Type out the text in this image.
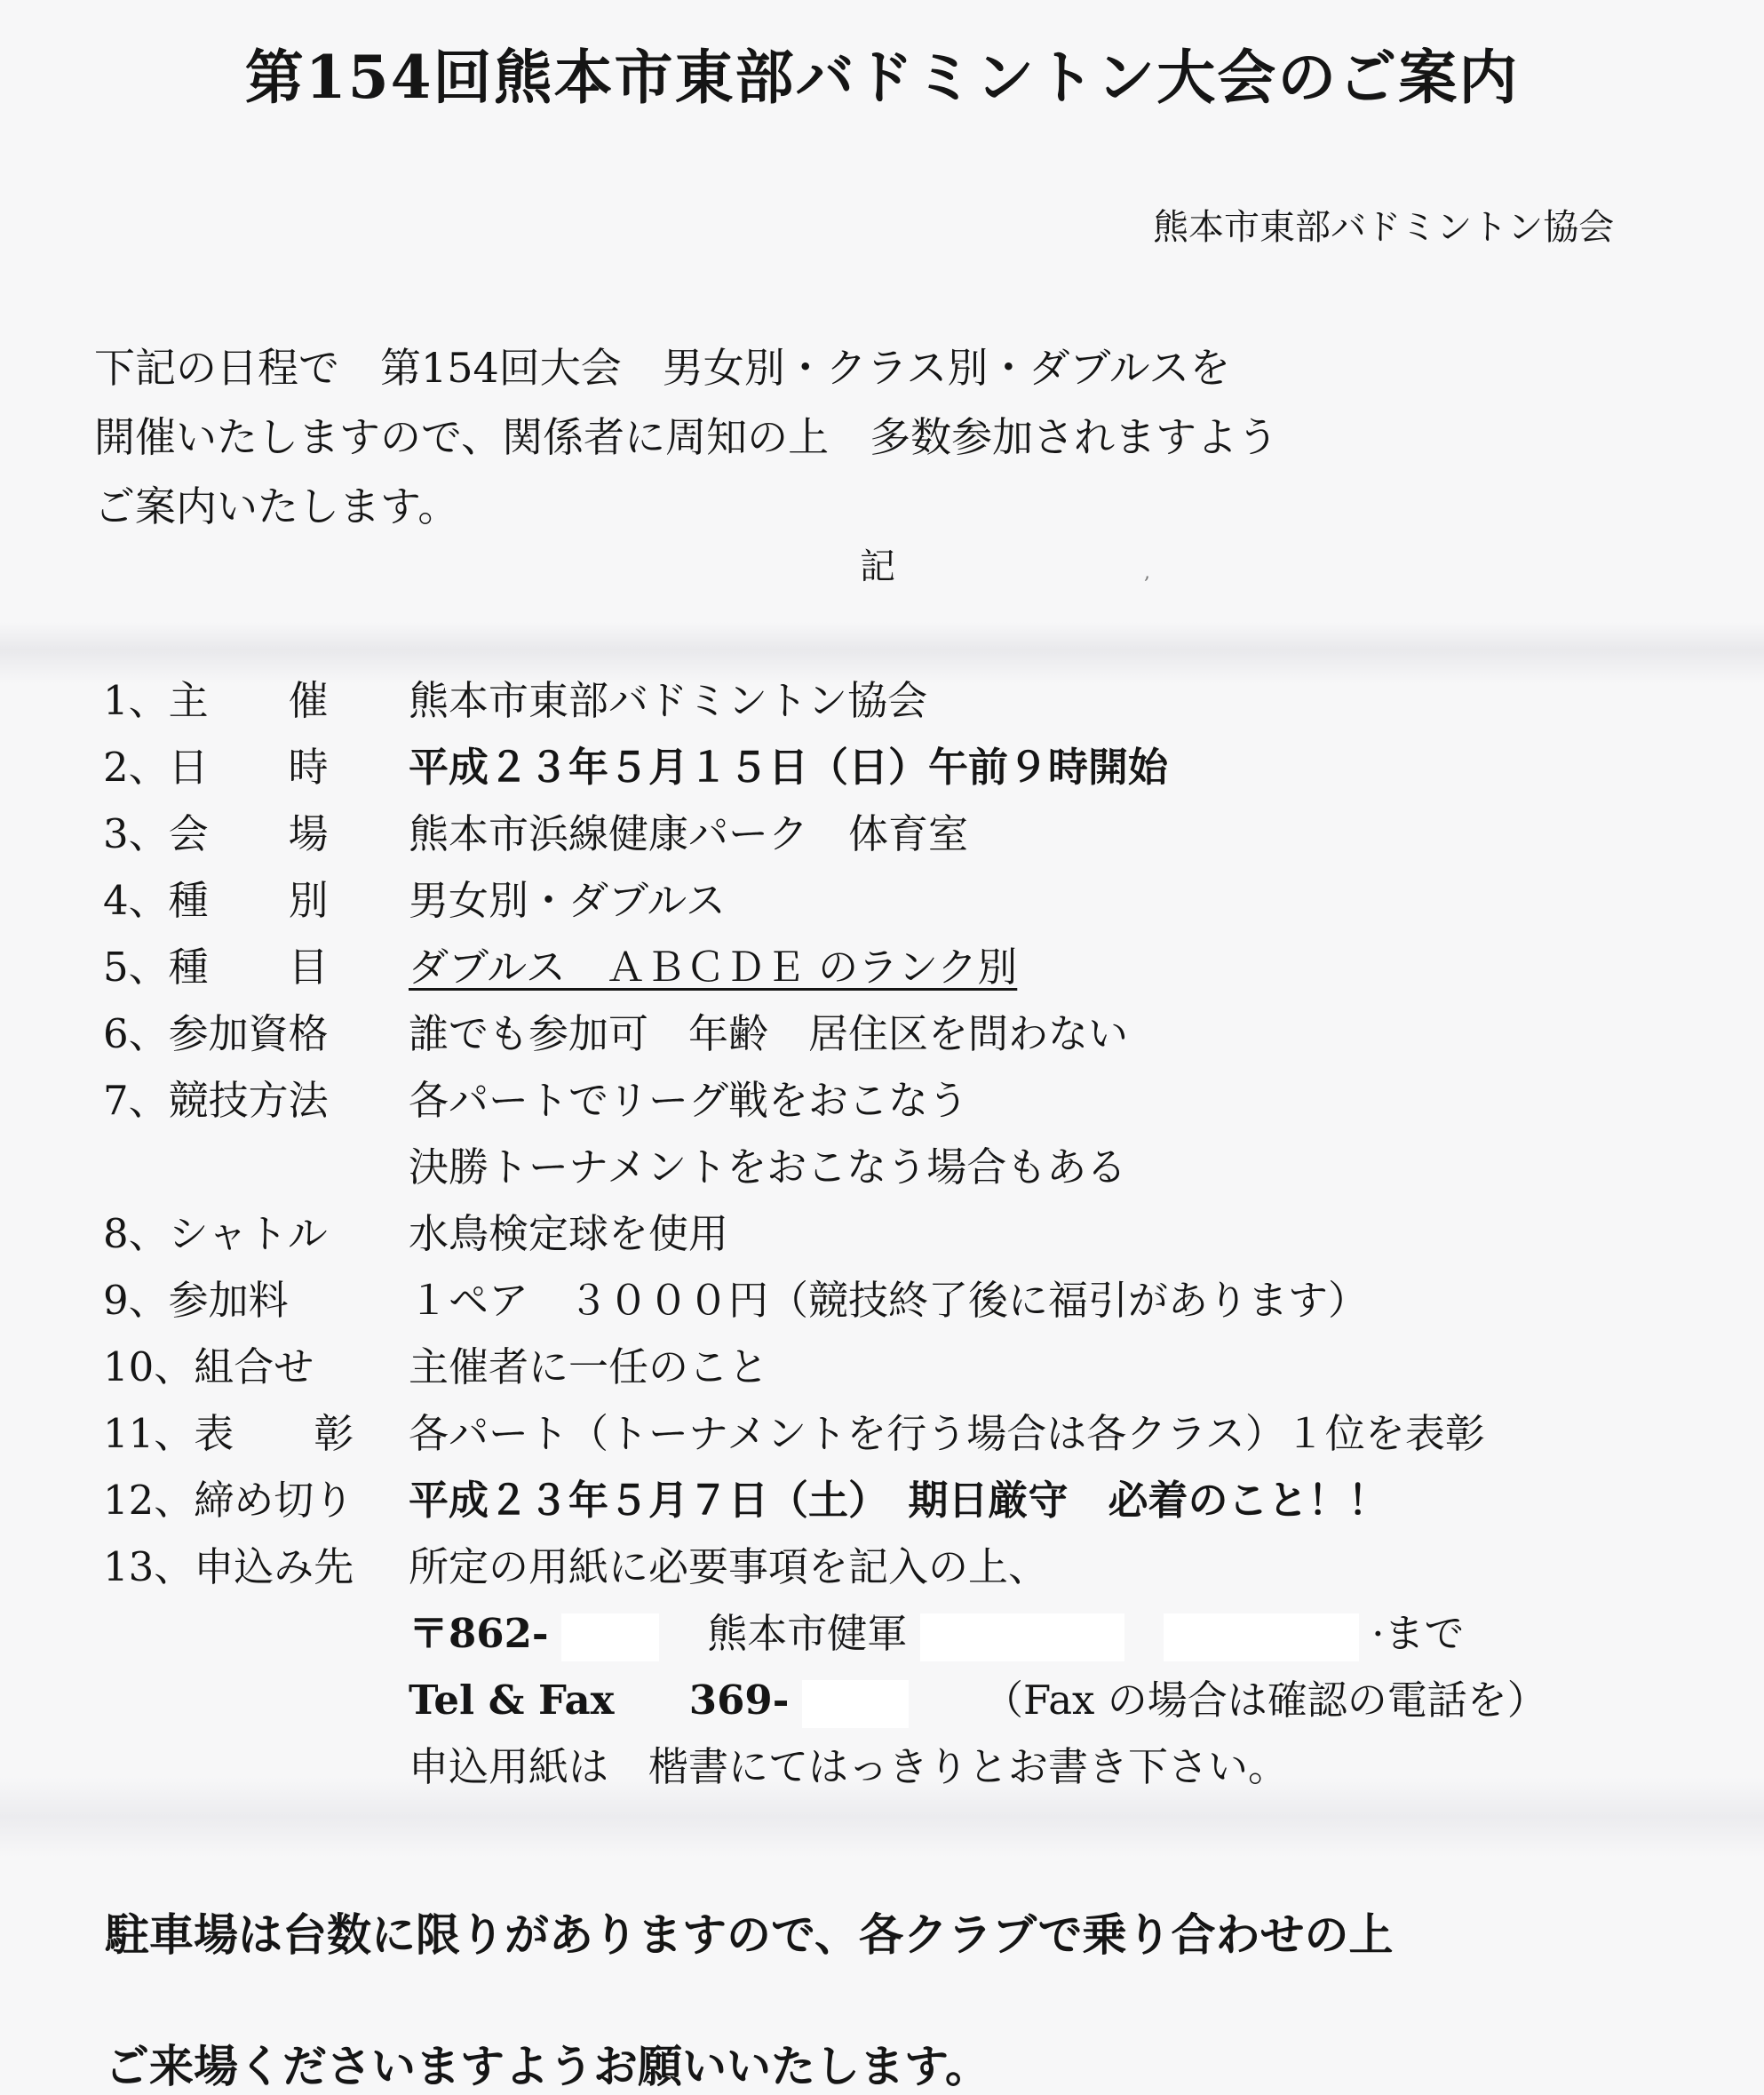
第154回熊本市東部バドミントン大会のご案内
熊本市東部バドミントン協会
下記の日程で　第154回大会　男女別・クラス別・ダブルスを
開催いたしますので、関係者に周知の上　多数参加されますよう
ご案内いたします。
記	,
1、主　　催	熊本市東部バドミントン協会
2、日　　時	平成２３年５月１５日（日）午前９時開始
3、会　　場	熊本市浜線健康パーク　体育室
4、種　　別	男女別・ダブルス
5、種　　目	ダブルス　ＡＢＣＤＥ のランク別
6、参加資格	誰でも参加可　年齢　居住区を問わない
7、競技方法	各パートでリーグ戦をおこなう
決勝トーナメントをおこなう場合もある
8、シャトル	水鳥検定球を使用
9、参加料	１ペア　３０００円（競技終了後に福引があります）
10、組合せ	主催者に一任のこと
11、表　　彰	各パート（トーナメントを行う場合は各クラス）１位を表彰
12、締め切り	平成２３年５月７日（土）　期日厳守　必着のこと！！
13、申込み先	所定の用紙に必要事項を記入の上、
〒862-	熊本市健軍	·まで
Tel & Fax 369-	（Fax の場合は確認の電話を）
申込用紙は　楷書にてはっきりとお書き下さい。
駐車場は台数に限りがありますので、各クラブで乗り合わせの上
ご来場くださいますようお願いいたします。
